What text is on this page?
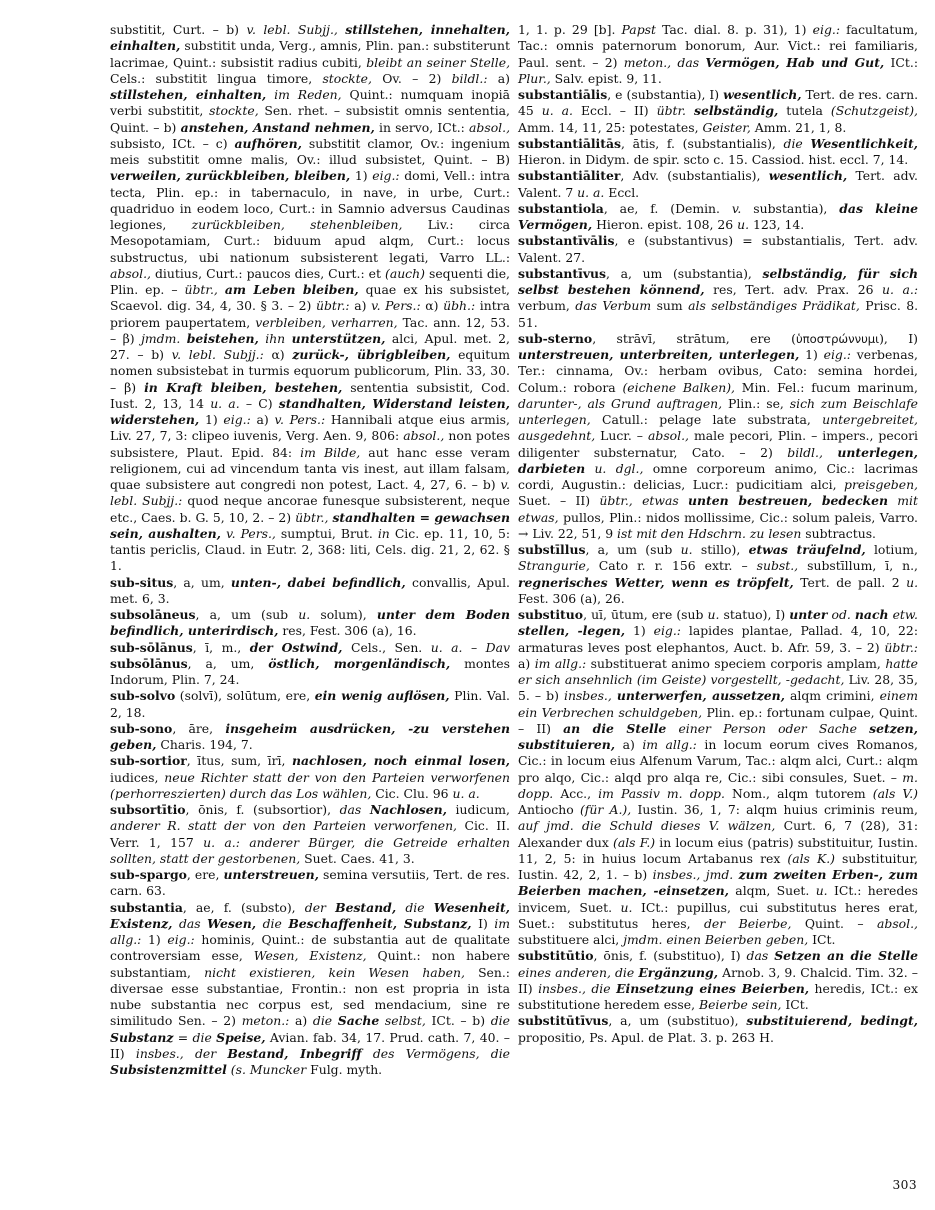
substitit, Curt. – b) v. lebl. Subjj., stillstehen, innehalten, einhalten, substitit unda, Verg., amnis, Plin. pan.: substiterunt lacrimae, Quint.: subsistit radius cubiti, bleibt an seiner Stelle, Cels.: substitit lingua timore, stockte, Ov. – 2) bildl.: a) stillstehen, einhalten, im Reden, Quint.: numquam inopiā verbi substitit, stockte, Sen. rhet. – subsistit omnis sententia, Quint. – b) anstehen, Anstand nehmen, in servo, ICt.: absol., subsisto, ICt. – c) aufhören, substitit clamor, Ov.: ingenium meis substitit omne malis, Ov.: illud subsistet, Quint. – B) verweilen, zurückbleiben, bleiben, 1) eig.: domi, Vell.: intra tecta, Plin. ep.: in tabernaculo, in nave, in urbe, Curt.: quadriduo in eodem loco, Curt.: in Samnio adversus Caudinas legiones, zurückbleiben, stehenbleiben, Liv.: circa Mesopotamiam, Curt.: biduum apud alqm, Curt.: locus substructus, ubi nationum subsisterent legati, Varro LL.: absol., diutius, Curt.: paucos dies, Curt.: et (auch) sequenti die, Plin. ep. – übtr., am Leben bleiben, quae ex his subsistet, Scaevol. dig. 34, 4, 30. § 3. – 2) übtr.: a) v. Pers.: α) übh.: intra priorem paupertatem, verbleiben, verharren, Tac. ann. 12, 53. – β) jmdm. beistehen, ihn unterstützen, alci, Apul. met. 2, 27. – b) v. lebl. Subjj.: α) zurück-, übrigbleiben, equitum nomen subsistebat in turmis equorum publicorum, Plin. 33, 30. – β) in Kraft bleiben, bestehen, sententia subsistit, Cod. Iust. 2, 13, 14 u. a. – C) standhalten, Widerstand leisten, widerstehen, 1) eig.: a) v. Pers.: Hannibali atque eius armis, Liv. 27, 7, 3: clipeo iuvenis, Verg. Aen. 9, 806: absol., non potes subsistere, Plaut. Epid. 84: im Bilde, aut hanc esse veram religionem, cui ad vincendum tanta vis inest, aut illam falsam, quae subsistere aut congredi non potest, Lact. 4, 27, 6. – b) v. lebl. Subjj.: quod neque ancorae funesque subsisterent, neque etc., Caes. b. G. 5, 10, 2. – 2) übtr., standhalten = gewachsen sein, aushalten, v. Pers., sumptui, Brut. in Cic. ep. 11, 10, 5: tantis periclis, Claud. in Eutr. 2, 368: liti, Cels. dig. 21, 2, 62. § 1.

sub-situs, a, um, unten-, dabei befindlich, convallis, Apul. met. 6, 3.

subsolāneus, a, um (sub u. solum), unter dem Boden befindlich, unterirdisch, res, Fest. 306 (a), 16.

sub-sōlānus, ī, m., der Ostwind, Cels., Sen. u. a. – Dav subsōlānus, a, um, östlich, morgenländisch, montes Indorum, Plin. 7, 24.

sub-solvo (solvī), solūtum, ere, ein wenig auflösen, Plin. Val. 2, 18.

sub-sono, āre, insgeheim ausdrücken, -zu verstehen geben, Charis. 194, 7.

sub-sortior, ītus, sum, īrī, nachlosen, noch einmal losen, iudices, neue Richter statt der von den Parteien verworfenen (perhorreszierten) durch das Los wählen, Cic. Clu. 96 u. a.

subsortītio, ōnis, f. (subsortior), das Nachlosen, iudicum, anderer R. statt der von den Parteien verworfenen, Cic. II. Verr. 1, 157 u. a.: anderer Bürger, die Getreide erhalten sollten, statt der gestorbenen, Suet. Caes. 41, 3.

sub-spargo, ere, unterstreuen, semina versutiis, Tert. de res. carn. 63.

substantia, ae, f. (substo), der Bestand, die Wesenheit, Existenz, das Wesen, die Beschaffenheit, Substanz, I) im allg.: 1) eig.: hominis, Quint.: de substantia aut de qualitate controversiam esse, Wesen, Existenz, Quint.: non habere substantiam, nicht existieren, kein Wesen haben, Sen.: diversae esse substantiae, Frontin.: non est propria in ista nube substantia nec corpus est, sed mendacium, sine re similitudo Sen. – 2) meton.: a) die Sache selbst, ICt. – b) die Substanz = die Speise, Avian. fab. 34, 17. Prud. cath. 7, 40. – II) insbes., der Bestand, Inbegriff des Vermögens, die Subsistenzmittel (s. Muncker Fulg. myth.

1, 1. p. 29 [b]. Papst Tac. dial. 8. p. 31), 1) eig.: facultatum, Tac.: omnis paternorum bonorum, Aur. Vict.: rei familiaris, Paul. sent. – 2) meton., das Vermögen, Hab und Gut, ICt.: Plur., Salv. epist. 9, 11.

substantiālis, e (substantia), I) wesentlich, Tert. de res. carn. 45 u. a. Eccl. – II) übtr. selbständig, tutela (Schutzgeist), Amm. 14, 11, 25: potestates, Geister, Amm. 21, 1, 8.

substantiālitās, ātis, f. (substantialis), die Wesentlichkeit, Hieron. in Didym. de spir. scto c. 15. Cassiod. hist. eccl. 7, 14.

substantiāliter, Adv. (substantialis), wesentlich, Tert. adv. Valent. 7 u. a. Eccl.

substantiola, ae, f. (Demin. v. substantia), das kleine Vermögen, Hieron. epist. 108, 26 u. 123, 14.

substantīvālis, e (substantivus) = substantialis, Tert. adv. Valent. 27.

substantīvus, a, um (substantia), selbständig, für sich selbst bestehen könnend, res, Tert. adv. Prax. 26 u. a.: verbum, das Verbum sum als selbständiges Prädikat, Prisc. 8. 51.

sub-sterno, strāvī, strātum, ere (ὑποστρώννυμι), I) unterstreuen, unterbreiten, unterlegen, 1) eig.: verbenas, Ter.: cinnama, Ov.: herbam ovibus, Cato: semina hordei, Colum.: robora (eichene Balken), Min. Fel.: fucum marinum, darunter-, als Grund auftragen, Plin.: se, sich zum Beischlafe unterlegen, Catull.: pelage late substrata, untergebreitet, ausgedehnt, Lucr. – absol., male pecori, Plin. – impers., pecori diligenter substernatur, Cato. – 2) bildl., unterlegen, darbieten u. dgl., omne corporeum animo, Cic.: lacrimas cordi, Augustin.: delicias, Lucr.: pudicitiam alci, preisgeben, Suet. – II) übtr., etwas unten bestreuen, bedecken mit etwas, pullos, Plin.: nidos mollissime, Cic.: solum paleis, Varro. → Liv. 22, 51, 9 ist mit den Hdschrn. zu lesen subtractus.

substīllus, a, um (sub u. stillo), etwas träufelnd, lotium, Strangurie, Cato r. r. 156 extr. – subst., substīllum, ī, n., regnerisches Wetter, wenn es tröpfelt, Tert. de pall. 2 u. Fest. 306 (a), 26.

substituo, uī, ūtum, ere (sub u. statuo), I) unter od. nach etw. stellen, -legen, 1) eig.: lapides plantae, Pallad. 4, 10, 22: armaturas leves post elephantos, Auct. b. Afr. 59, 3. – 2) übtr.: a) im allg.: substituerat animo speciem corporis amplam, hatte er sich ansehnlich (im Geiste) vorgestellt, -gedacht, Liv. 28, 35, 5. – b) insbes., unterwerfen, aussetzen, alqm crimini, einem ein Verbrechen schuldgeben, Plin. ep.: fortunam culpae, Quint. – II) an die Stelle einer Person oder Sache setzen, substituieren, a) im allg.: in locum eorum cives Romanos, Cic.: in locum eius Alfenum Varum, Tac.: alqm alci, Curt.: alqm pro alqo, Cic.: alqd pro alqa re, Cic.: sibi consules, Suet. – m. dopp. Acc., im Passiv m. dopp. Nom., alqm tutorem (als V.) Antiocho (für A.), Iustin. 36, 1, 7: alqm huius criminis reum, auf jmd. die Schuld dieses V. wälzen, Curt. 6, 7 (28), 31: Alexander dux (als F.) in locum eius (patris) substituitur, Iustin. 11, 2, 5: in huius locum Artabanus rex (als K.) substituitur, Iustin. 42, 2, 1. – b) insbes., jmd. zum zweiten Erben-, zum Beierben machen, -einsetzen, alqm, Suet. u. ICt.: heredes invicem, Suet. u. ICt.: pupillus, cui substitutus heres erat, Suet.: substitutus heres, der Beierbe, Quint. – absol., substituere alci, jmdm. einen Beierben geben, ICt.

substitūtio, ōnis, f. (substituo), I) das Setzen an die Stelle eines anderen, die Ergänzung, Arnob. 3, 9. Chalcid. Tim. 32. – II) insbes., die Einsetzung eines Beierben, heredis, ICt.: ex substitutione heredem esse, Beierbe sein, ICt.

substitūtīvus, a, um (substituo), substituierend, bedingt, propositio, Ps. Apul. de Plat. 3. p. 263 H.

303
